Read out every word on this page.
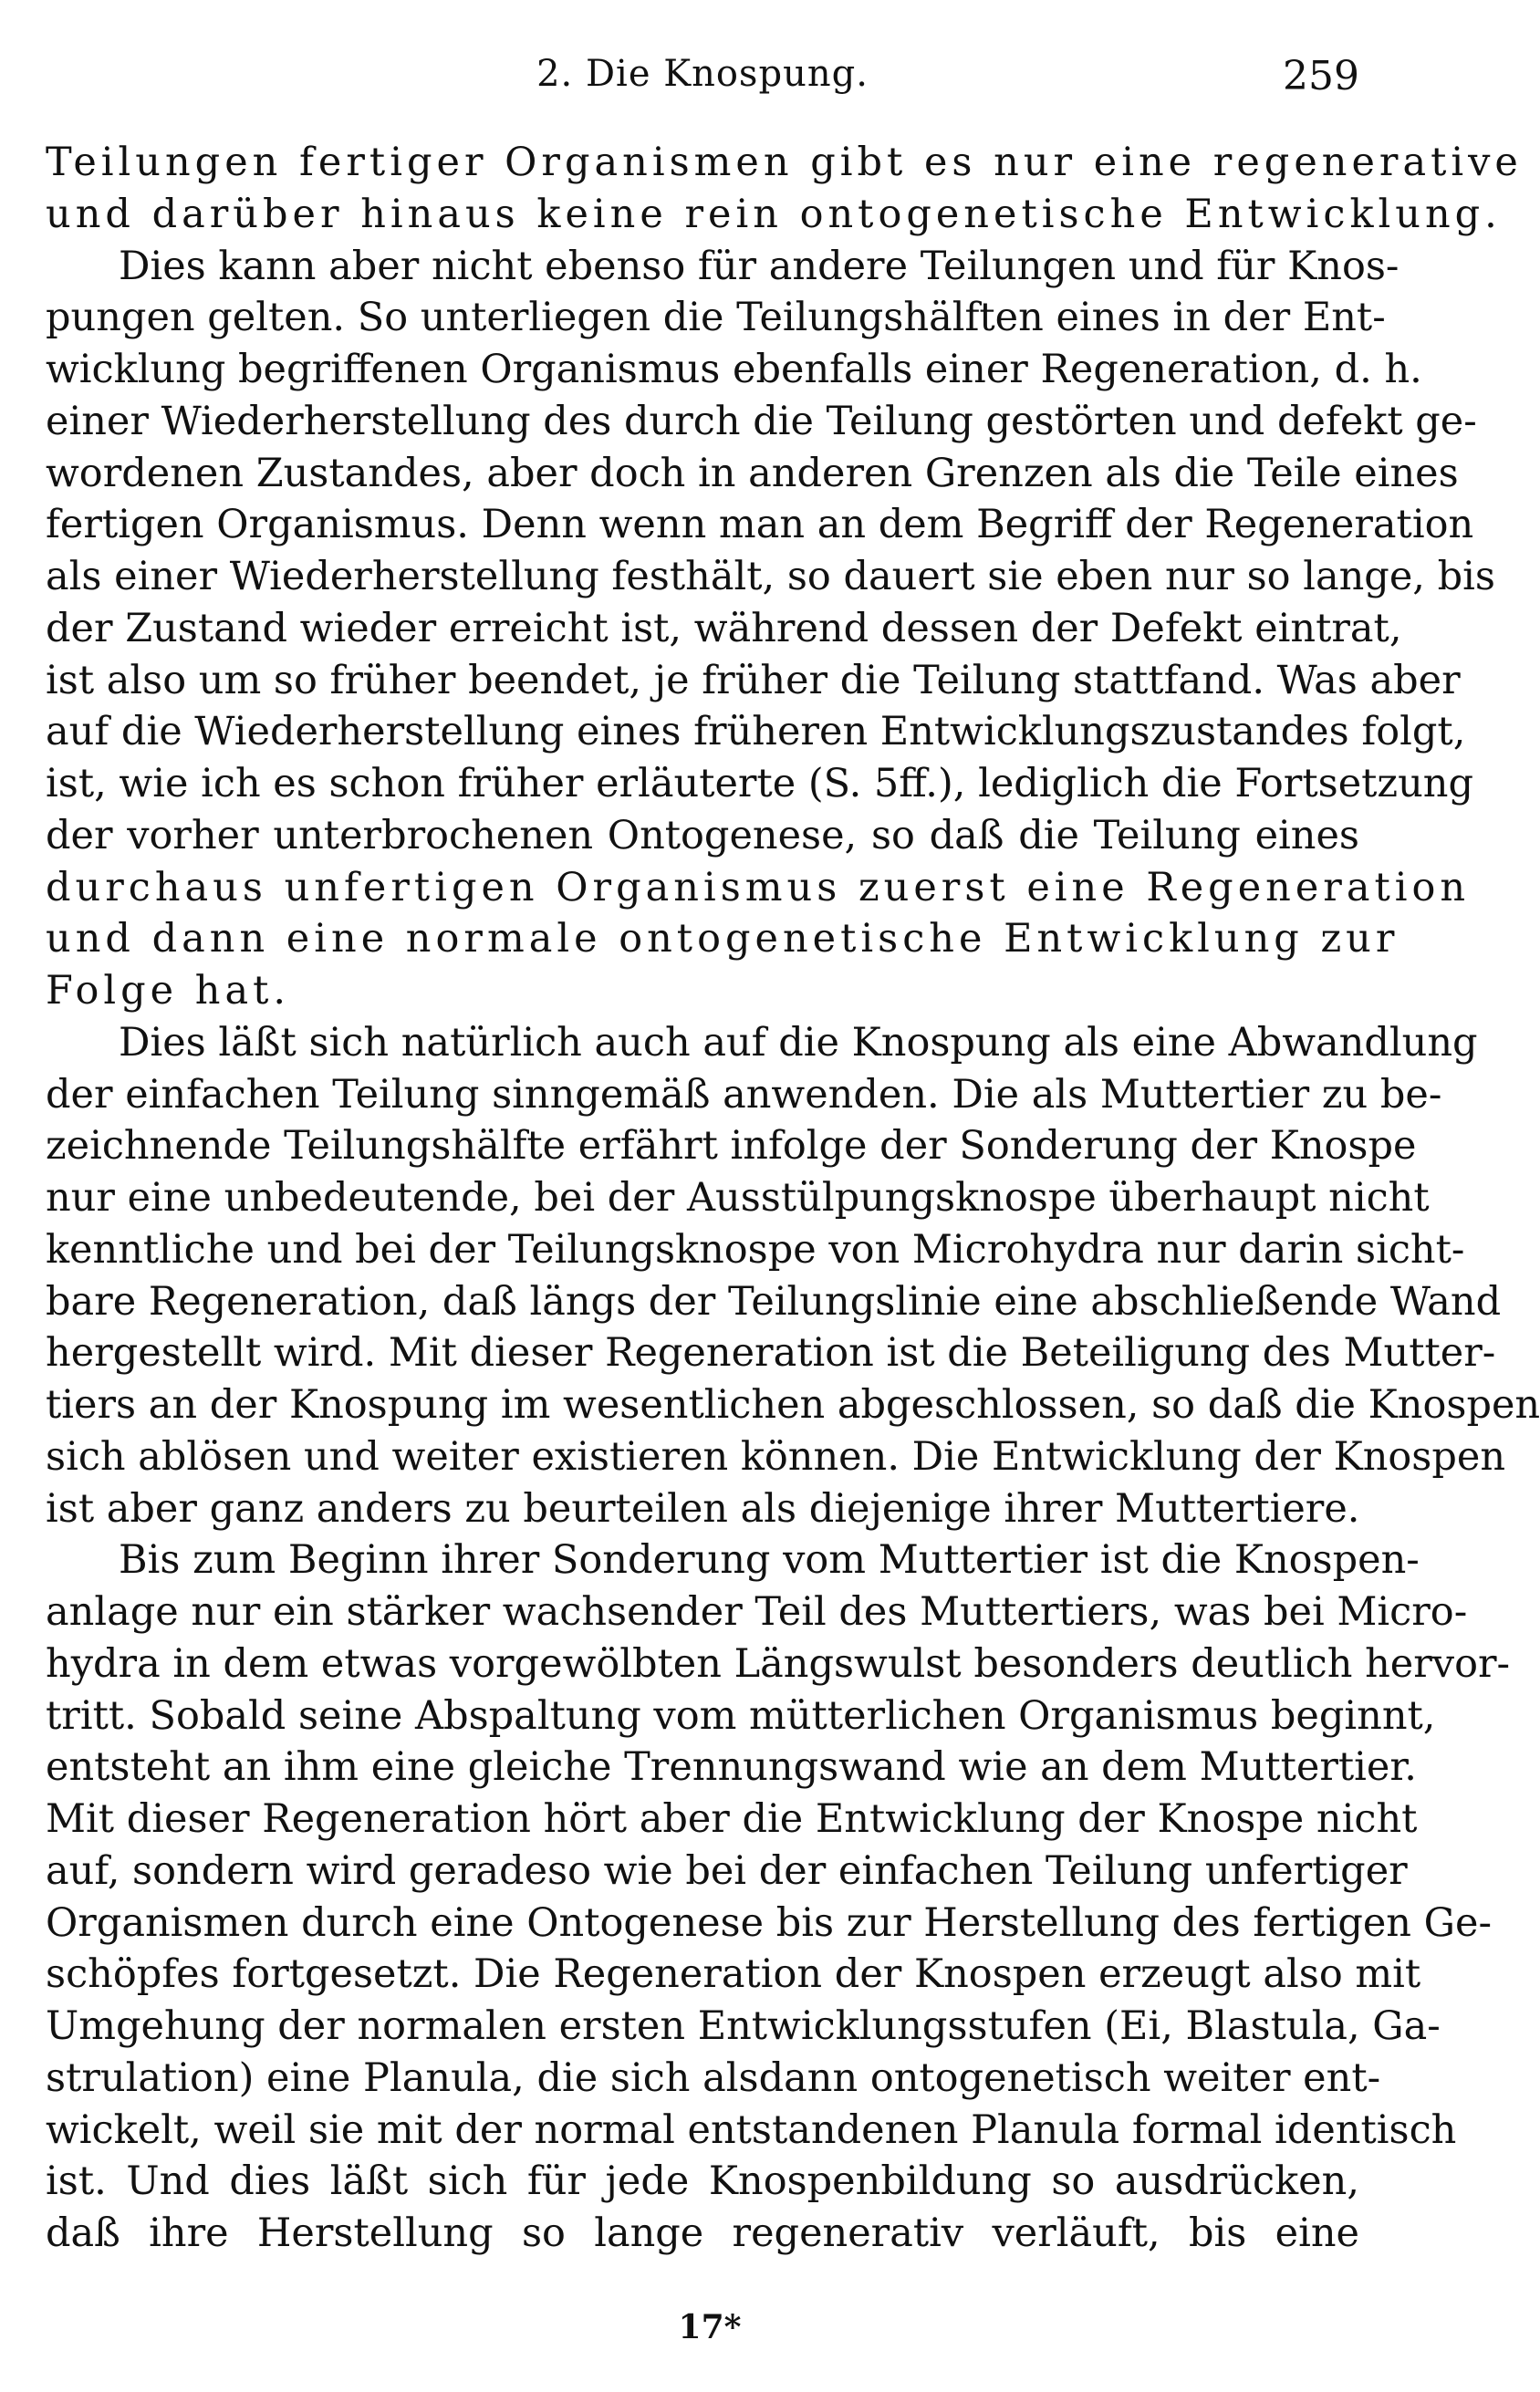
2. Die Knospung.	259
Teilungen fertiger Organismen gibt es nur eine regenerative
und darüber hinaus keine rein ontogenetische Entwicklung.
Dies kann aber nicht ebenso für andere Teilungen und für Knos-
pungen gelten. So unterliegen die Teilungshälften eines in der Ent-
wicklung begriffenen Organismus ebenfalls einer Regeneration, d. h.
einer Wiederherstellung des durch die Teilung gestörten und defekt ge-
wordenen Zustandes, aber doch in anderen Grenzen als die Teile eines
fertigen Organismus. Denn wenn man an dem Begriff der Regeneration
als einer Wiederherstellung festhält, so dauert sie eben nur so lange, bis
der Zustand wieder erreicht ist, während dessen der Defekt eintrat,
ist also um so früher beendet, je früher die Teilung stattfand. Was aber
auf die Wiederherstellung eines früheren Entwicklungszustandes folgt,
ist, wie ich es schon früher erläuterte (S. 5ff.), lediglich die Fortsetzung
der vorher unterbrochenen Ontogenese, so daß die Teilung eines
durchaus unfertigen Organismus zuerst eine Regeneration
und dann eine normale ontogenetische Entwicklung zur
Folge hat.
Dies läßt sich natürlich auch auf die Knospung als eine Abwandlung
der einfachen Teilung sinngemäß anwenden. Die als Muttertier zu be-
zeichnende Teilungshälfte erfährt infolge der Sonderung der Knospe
nur eine unbedeutende, bei der Ausstülpungsknospe überhaupt nicht
kenntliche und bei der Teilungsknospe von Microhydra nur darin sicht-
bare Regeneration, daß längs der Teilungslinie eine abschließende Wand
hergestellt wird. Mit dieser Regeneration ist die Beteiligung des Mutter-
tiers an der Knospung im wesentlichen abgeschlossen, so daß die Knospen
sich ablösen und weiter existieren können. Die Entwicklung der Knospen
ist aber ganz anders zu beurteilen als diejenige ihrer Muttertiere.
Bis zum Beginn ihrer Sonderung vom Muttertier ist die Knospen-
anlage nur ein stärker wachsender Teil des Muttertiers, was bei Micro-
hydra in dem etwas vorgewölbten Längswulst besonders deutlich hervor-
tritt. Sobald seine Abspaltung vom mütterlichen Organismus beginnt,
entsteht an ihm eine gleiche Trennungswand wie an dem Muttertier.
Mit dieser Regeneration hört aber die Entwicklung der Knospe nicht
auf, sondern wird geradeso wie bei der einfachen Teilung unfertiger
Organismen durch eine Ontogenese bis zur Herstellung des fertigen Ge-
schöpfes fortgesetzt. Die Regeneration der Knospen erzeugt also mit
Umgehung der normalen ersten Entwicklungsstufen (Ei, Blastula, Ga-
strulation) eine Planula, die sich alsdann ontogenetisch weiter ent-
wickelt, weil sie mit der normal entstandenen Planula formal identisch
ist. Und dies läßt sich für jede Knospenbildung so ausdrücken,
daß ihre Herstellung so lange regenerativ verläuft, bis eine
17*
